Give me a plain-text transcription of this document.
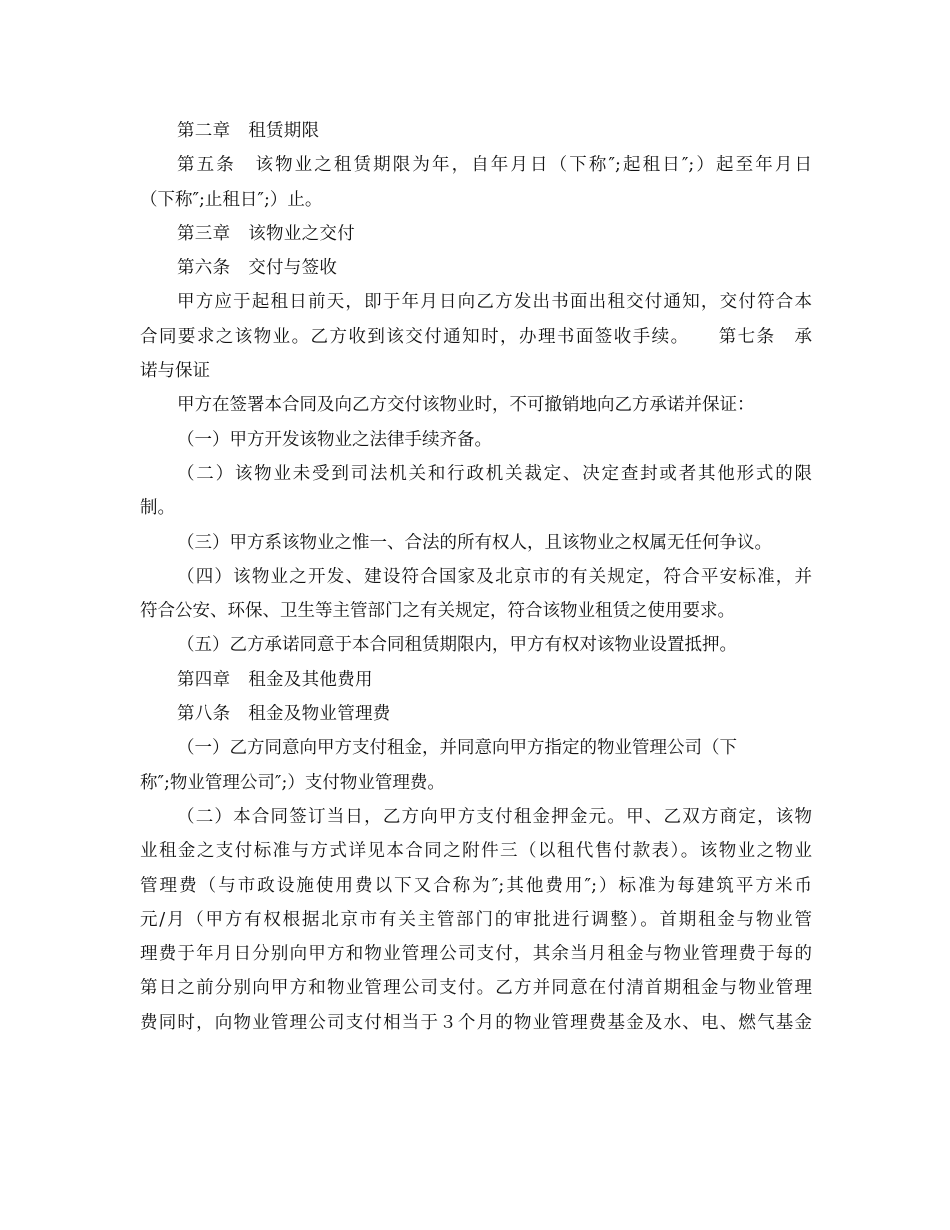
第二章　租赁期限
第五条　该物业之租赁期限为年，自年月日（下称″;起租日″;）起至年月日
（下称″;止租日″;）止。
第三章　该物业之交付
第六条　交付与签收
甲方应于起租日前天，即于年月日向乙方发出书面出租交付通知，交付符合本
合同要求之该物业。乙方收到该交付通知时，办理书面签收手续。　　第七条　承
诺与保证
甲方在签署本合同及向乙方交付该物业时，不可撤销地向乙方承诺并保证：
（一）甲方开发该物业之法律手续齐备。
（二）该物业未受到司法机关和行政机关裁定、决定查封或者其他形式的限
制。
（三）甲方系该物业之惟一、合法的所有权人，且该物业之权属无任何争议。
（四）该物业之开发、建设符合国家及北京市的有关规定，符合平安标准，并
符合公安、环保、卫生等主管部门之有关规定，符合该物业租赁之使用要求。
（五）乙方承诺同意于本合同租赁期限内，甲方有权对该物业设置抵押。
第四章　租金及其他费用
第八条　租金及物业管理费
（一）乙方同意向甲方支付租金，并同意向甲方指定的物业管理公司（下
称″;物业管理公司″;）支付物业管理费。
（二）本合同签订当日，乙方向甲方支付租金押金元。甲、乙双方商定，该物
业租金之支付标准与方式详见本合同之附件三（以租代售付款表）。该物业之物业
管理费（与市政设施使用费以下又合称为″;其他费用″;）标准为每建筑平方米币
元/月（甲方有权根据北京市有关主管部门的审批进行调整）。首期租金与物业管
理费于年月日分别向甲方和物业管理公司支付，其余当月租金与物业管理费于每的
第日之前分别向甲方和物业管理公司支付。乙方并同意在付清首期租金与物业管理
费同时，向物业管理公司支付相当于３个月的物业管理费基金及水、电、燃气基金
